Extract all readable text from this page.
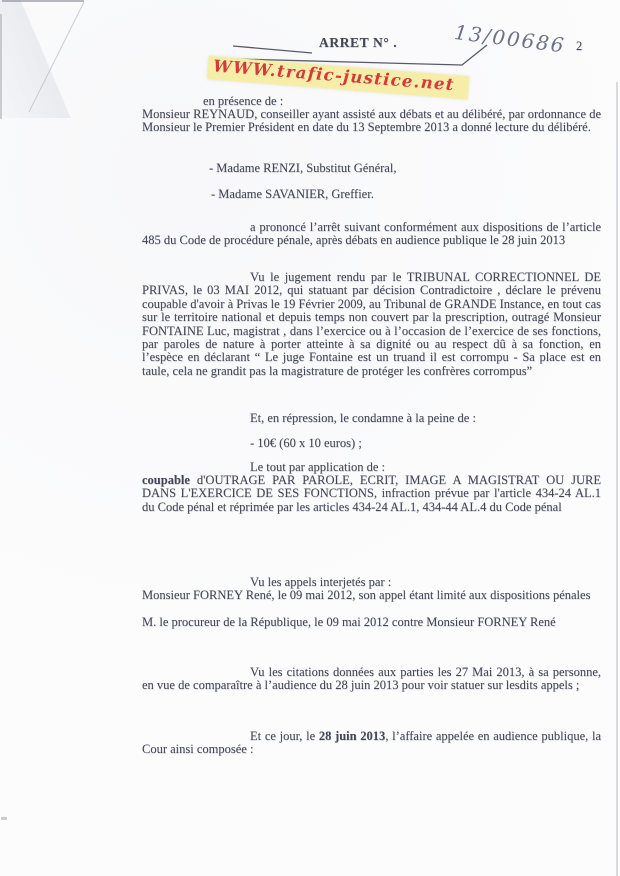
ARRET N° .	13/00686 2
WWW.trafic-justice.net
en présence de :
Monsieur REYNAUD, conseiller ayant assisté aux débats et au délibéré, par ordonnance de Monsieur le Premier Président en date du 13 Septembre 2013 a donné lecture du délibéré.
- Madame RENZI, Substitut Général,
- Madame SAVANIER, Greffier.
a prononcé l’arrêt suivant conformément aux dispositions de l’article 485 du Code de procédure pénale, après débats en audience publique le 28 juin 2013
Vu le jugement rendu par le TRIBUNAL CORRECTIONNEL DE PRIVAS, le 03 MAI 2012, qui statuant par décision Contradictoire , déclare le prévenu coupable d'avoir à Privas le 19 Février 2009, au Tribunal de GRANDE Instance, en tout cas sur le territoire national et depuis temps non couvert par la prescription, outragé Monsieur FONTAINE Luc, magistrat , dans l’exercice ou à l’occasion de l’exercice de ses fonctions, par paroles de nature à porter atteinte à sa dignité ou au respect dû à sa fonction, en l’espèce en déclarant “ Le juge Fontaine est un truand il est corrompu - Sa place est en taule, cela ne grandit pas la magistrature de protéger les confrères corrompus”
Et, en répression, le condamne à la peine de :
- 10€ (60 x 10 euros) ;
Le tout par application de :
coupable d'OUTRAGE PAR PAROLE, ECRIT, IMAGE A MAGISTRAT OU JURE DANS L'EXERCICE DE SES FONCTIONS, infraction prévue par l'article 434-24 AL.1 du Code pénal et réprimée par les articles 434-24 AL.1, 434-44 AL.4 du Code pénal
Vu les appels interjetés par :
Monsieur FORNEY René, le 09 mai 2012, son appel étant limité aux dispositions pénales
M. le procureur de la République, le 09 mai 2012 contre Monsieur FORNEY René
Vu les citations données aux parties les 27 Mai 2013, à sa personne, en vue de comparaître à l’audience du 28 juin 2013 pour voir statuer sur lesdits appels ;
Et ce jour, le 28 juin 2013, l’affaire appelée en audience publique, la Cour ainsi composée :
